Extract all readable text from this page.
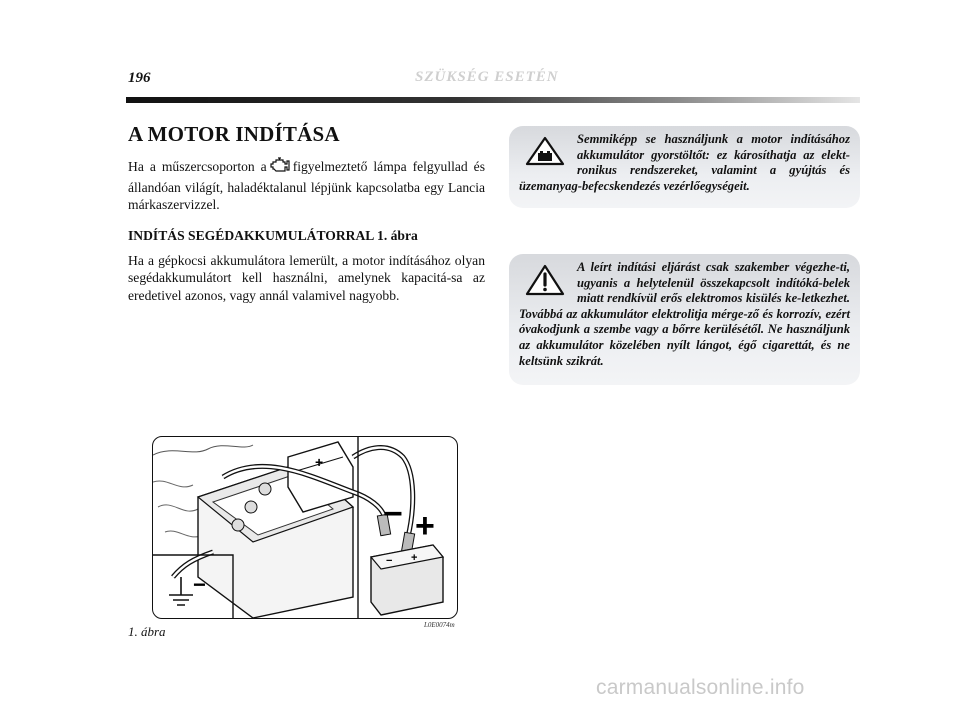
196	SZÜKSÉG ESETÉN
A MOTOR INDÍTÁSA

Ha a műszercsoporton a figyelmeztető lámpa felgyullad és állandóan világít, haladéktalanul lépjünk kapcsolatba egy Lancia márkaszervizzel.

INDÍTÁS SEGÉDAKKUMULÁTORRAL 1. ábra

Ha a gépkocsi akkumulátora lemerült, a motor indításához olyan segédakkumulátort kell használni, amelynek kapacitá-sa az eredetivel azonos, vagy annál valamivel nagyobb.

Semmiképp se használjunk a motor indításához akkumulátor gyorstöltőt: ez károsíthatja az elekt-ronikus rendszereket, valamint a gyújtás és üzemanyag-befecskendezés vezérlőegységeit.
A leírt indítási eljárást csak szakember végezhe-ti, ugyanis a helytelenül összekapcsolt indítóká-belek miatt rendkívül erős elektromos kisülés ke-letkezhet. Továbbá az akkumulátor elektrolitja mérge-ző és korrozív, ezért óvakodjunk a szembe vagy a bőrre kerülésétől. Ne használjunk az akkumulátor közelében nyílt lángot, égő cigarettát, és ne keltsünk szikrát.
+
−
− +
− +
1. ábra	L0E0074m
carmanualsonline.info
